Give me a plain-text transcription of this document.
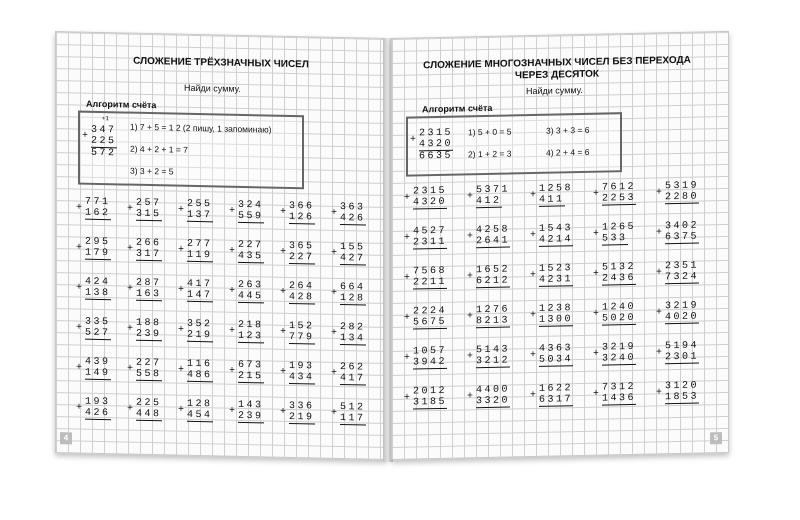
СЛОЖЕНИЕ ТРЁХЗНАЧНЫХ ЧИСЕЛ
Найди сумму.
Алгоритм счёта
+1
+ 347
225
572
1) 7 + 5 = 1 2 (2 пишу, 1 запоминаю)
2) 4 + 2 + 1 = 7
3) 3 + 2 = 5
4
+ 771
162 + 257
315 + 255
137 + 324
559 + 366
126 + 363
426
+ 295
179 + 266
317 + 277
119 + 227
435 + 365
227 + 155
427
+ 424
138 + 287
163 + 417
147 + 263
445 + 264
428 + 664
128
+ 335
527 + 188
239 + 352
219 + 218
123 + 152
779 + 282
134
+ 439
149 + 227
558 + 116
486 + 673
215 + 193
434 + 262
417
+ 193
426 + 225
448 + 128
454 + 143
239 + 336
219 + 512
117
СЛОЖЕНИЕ МНОГОЗНАЧНЫХ ЧИСЕЛ БЕЗ ПЕРЕХОДА
ЧЕРЕЗ ДЕСЯТОК
Найди сумму.
Алгоритм счёта
+
2315
4320
6635
1) 5 + 0 = 5	3) 3 + 3 = 6
2) 1 + 2 = 3	4) 2 + 4 = 6
5
+
2315
4320 +
5371
412
+
1258
411
+
7612
2253 +
5319
2280
+
4527
2311 +
4258
2641 +
1543
4214 +
1265
533
+
3402
6375
+
7568
2211 +
1652
6212 +
1523
4231 +
5132
2436 +
2351
7324
+
2224
5675 +
1276
8213 +
1238
1300 +
1240
5020 +
3219
4020
+
1057
3942 +
5143
3212 +
4363
5034 +
3219
3240 +
5194
2301
+
2012
3185 +
4400
3320 +
1622
6317 +
7312
1436 +
3120
1853
